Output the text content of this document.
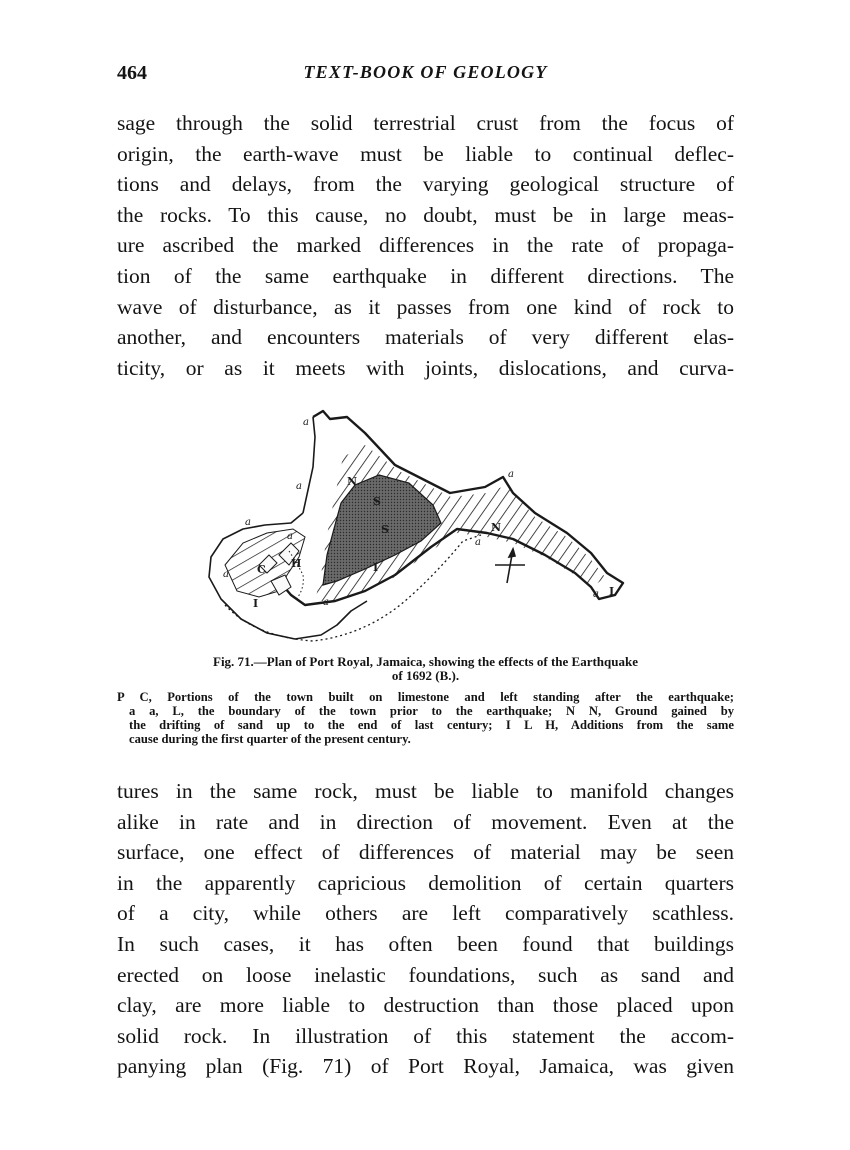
464	TEXT-BOOK OF GEOLOGY
sage through the solid terrestrial crust from the focus of
origin, the earth-wave must be liable to continual deflec-
tions and delays, from the varying geological structure of
the rocks. To this cause, no doubt, must be in large meas-
ure ascribed the marked differences in the rate of propaga-
tion of the same earthquake in different directions. The
wave of disturbance, as it passes from one kind of rock to
another, and encounters materials of very different elas-
ticity, or as it meets with joints, dislocations, and curva-
a
a
a
a
a
a
a
a
a
N
N
S
S
H	I
I
L
C
Fig. 71.—Plan of Port Royal, Jamaica, showing the effects of the Earthquake
of 1692 (B.).
P C, Portions of the town built on limestone and left standing after the earthquake;
a a, L, the boundary of the town prior to the earthquake; N N, Ground gained by
the drifting of sand up to the end of last century; I L H, Additions from the same
cause during the first quarter of the present century.
tures in the same rock, must be liable to manifold changes
alike in rate and in direction of movement. Even at the
surface, one effect of differences of material may be seen
in the apparently capricious demolition of certain quarters
of a city, while others are left comparatively scathless.
In such cases, it has often been found that buildings
erected on loose inelastic foundations, such as sand and
clay, are more liable to destruction than those placed upon
solid rock. In illustration of this statement the accom-
panying plan (Fig. 71) of Port Royal, Jamaica, was given
